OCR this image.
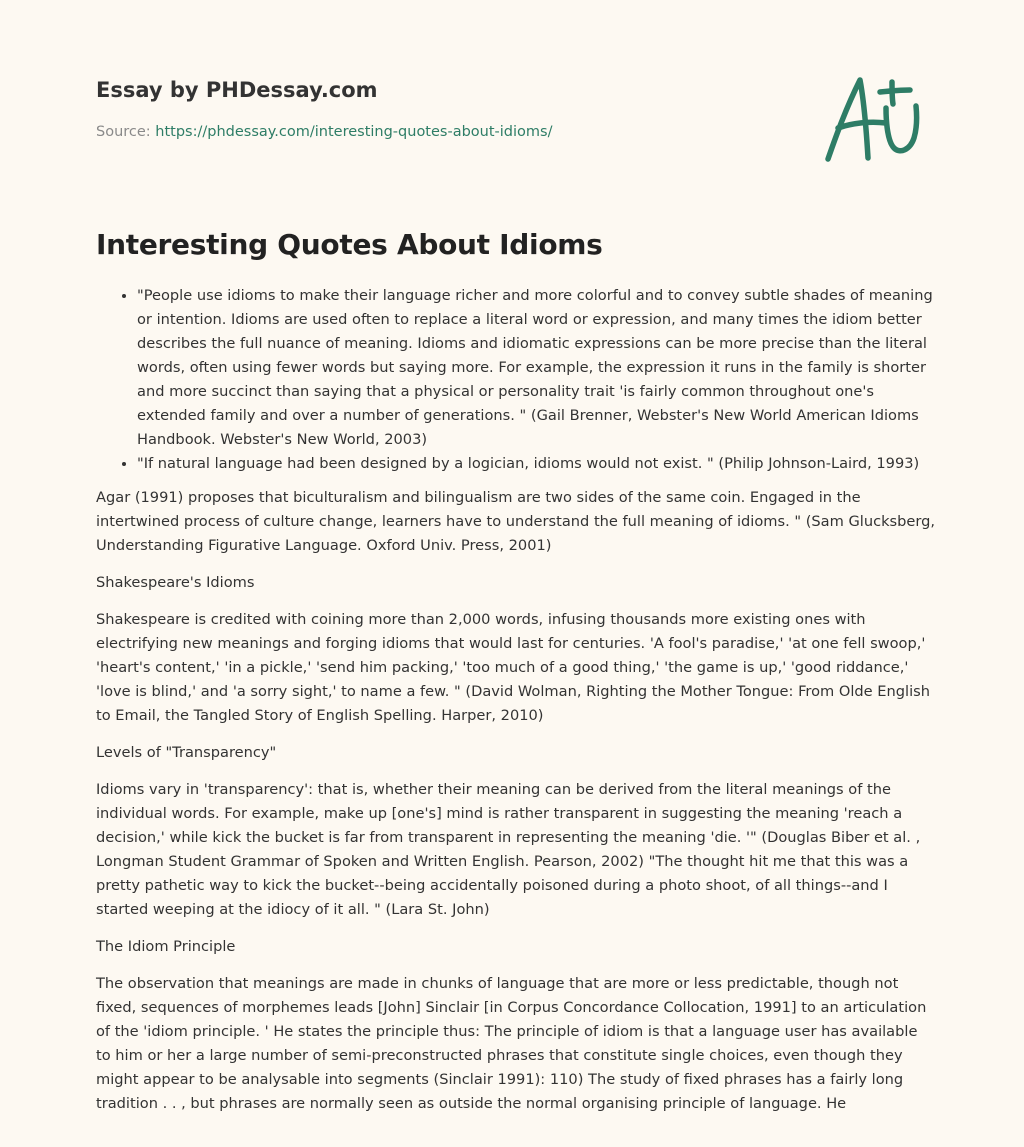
Essay by PHDessay.com
Source: https://phdessay.com/interesting-quotes-about-idioms/
Interesting Quotes About Idioms
• "People use idioms to make their language richer and more colorful and to convey subtle shades of meaning or intention. Idioms are used often to replace a literal word or expression, and many times the idiom better describes the full nuance of meaning. Idioms and idiomatic expressions can be more precise than the literal words, often using fewer words but saying more. For example, the expression it runs in the family is shorter and more succinct than saying that a physical or personality trait 'is fairly common throughout one's extended family and over a number of generations. " (Gail Brenner, Webster's New World American Idioms Handbook. Webster's New World, 2003)
• "If natural language had been designed by a logician, idioms would not exist. " (Philip Johnson-Laird, 1993)

Agar (1991) proposes that biculturalism and bilingualism are two sides of the same coin. Engaged in the intertwined process of culture change, learners have to understand the full meaning of idioms. " (Sam Glucksberg, Understanding Figurative Language. Oxford Univ. Press, 2001)

Shakespeare's Idioms

Shakespeare is credited with coining more than 2,000 words, infusing thousands more existing ones with electrifying new meanings and forging idioms that would last for centuries. 'A fool's paradise,' 'at one fell swoop,' 'heart's content,' 'in a pickle,' 'send him packing,' 'too much of a good thing,' 'the game is up,' 'good riddance,' 'love is blind,' and 'a sorry sight,' to name a few. " (David Wolman, Righting the Mother Tongue: From Olde English to Email, the Tangled Story of English Spelling. Harper, 2010)

Levels of "Transparency"

Idioms vary in 'transparency': that is, whether their meaning can be derived from the literal meanings of the individual words. For example, make up [one's] mind is rather transparent in suggesting the meaning 'reach a decision,' while kick the bucket is far from transparent in representing the meaning 'die. '" (Douglas Biber et al. , Longman Student Grammar of Spoken and Written English. Pearson, 2002) "The thought hit me that this was a pretty pathetic way to kick the bucket--being accidentally poisoned during a photo shoot, of all things--and I started weeping at the idiocy of it all. " (Lara St. John)

The Idiom Principle

The observation that meanings are made in chunks of language that are more or less predictable, though not fixed, sequences of morphemes leads [John] Sinclair [in Corpus Concordance Collocation, 1991] to an articulation of the 'idiom principle. ' He states the principle thus: The principle of idiom is that a language user has available to him or her a large number of semi-preconstructed phrases that constitute single choices, even though they might appear to be analysable into segments (Sinclair 1991): 110) The study of fixed phrases has a fairly long tradition . . , but phrases are normally seen as outside the normal organising principle of language. He
